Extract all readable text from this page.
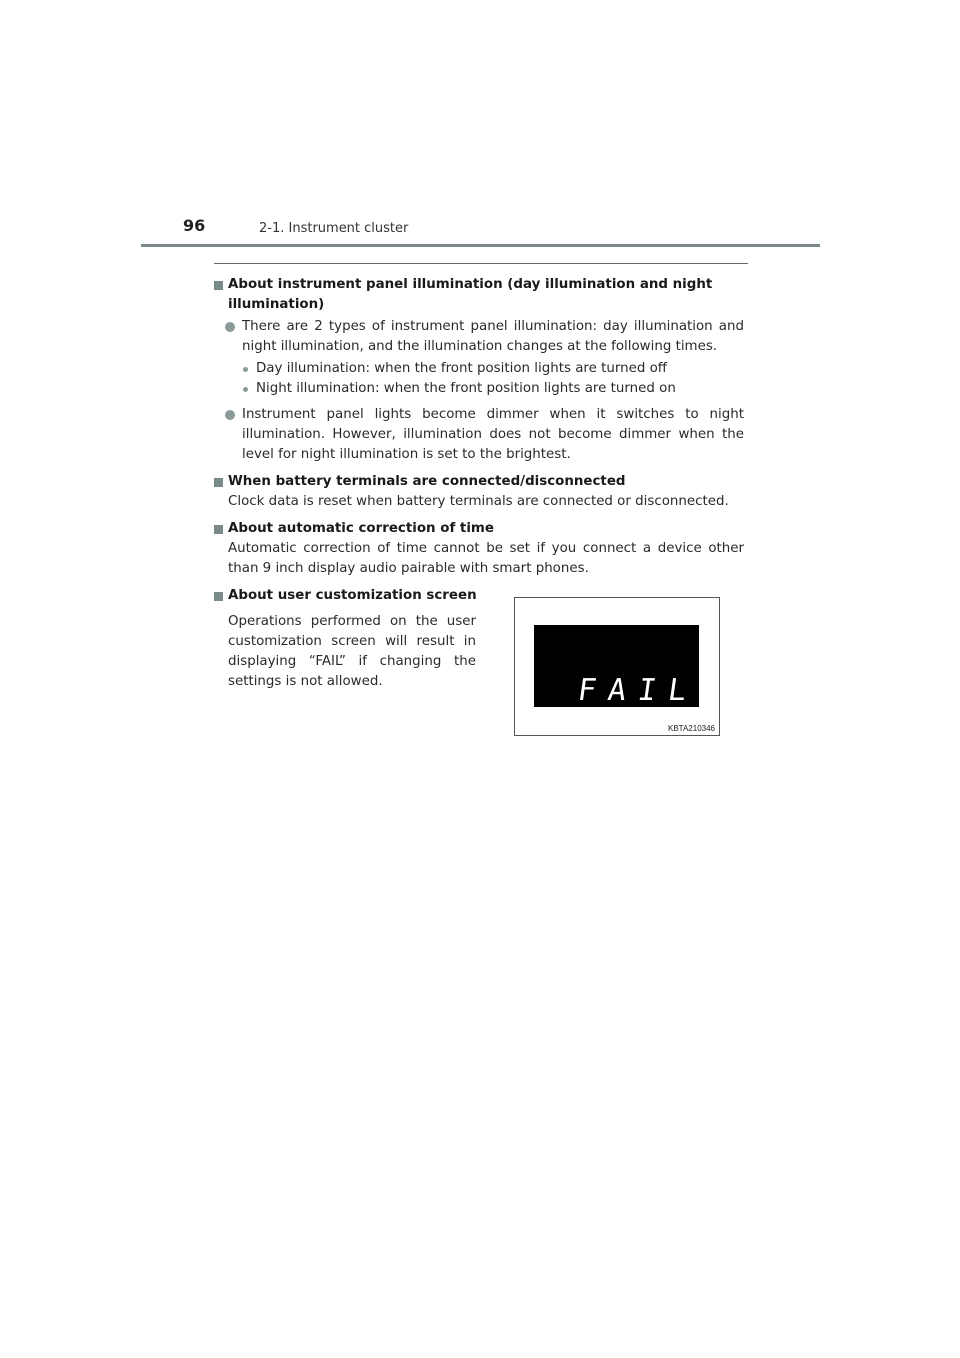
96	2-1. Instrument cluster
About instrument panel illumination (day illumination and night illumination)
There are 2 types of instrument panel illumination: day illumination and night illumination, and the illumination changes at the following times.
Day illumination: when the front position lights are turned off
Night illumination: when the front position lights are turned on
Instrument panel lights become dimmer when it switches to night illumination. However, illumination does not become dimmer when the level for night illumination is set to the brightest.
When battery terminals are connected/disconnected
Clock data is reset when battery terminals are connected or disconnected.
About automatic correction of time
Automatic correction of time cannot be set if you connect a device other than 9 inch display audio pairable with smart phones.
About user customization screen
Operations performed on the user customization screen will result in displaying “FAIL” if changing the settings is not allowed.	FAIL
KBTA210346
